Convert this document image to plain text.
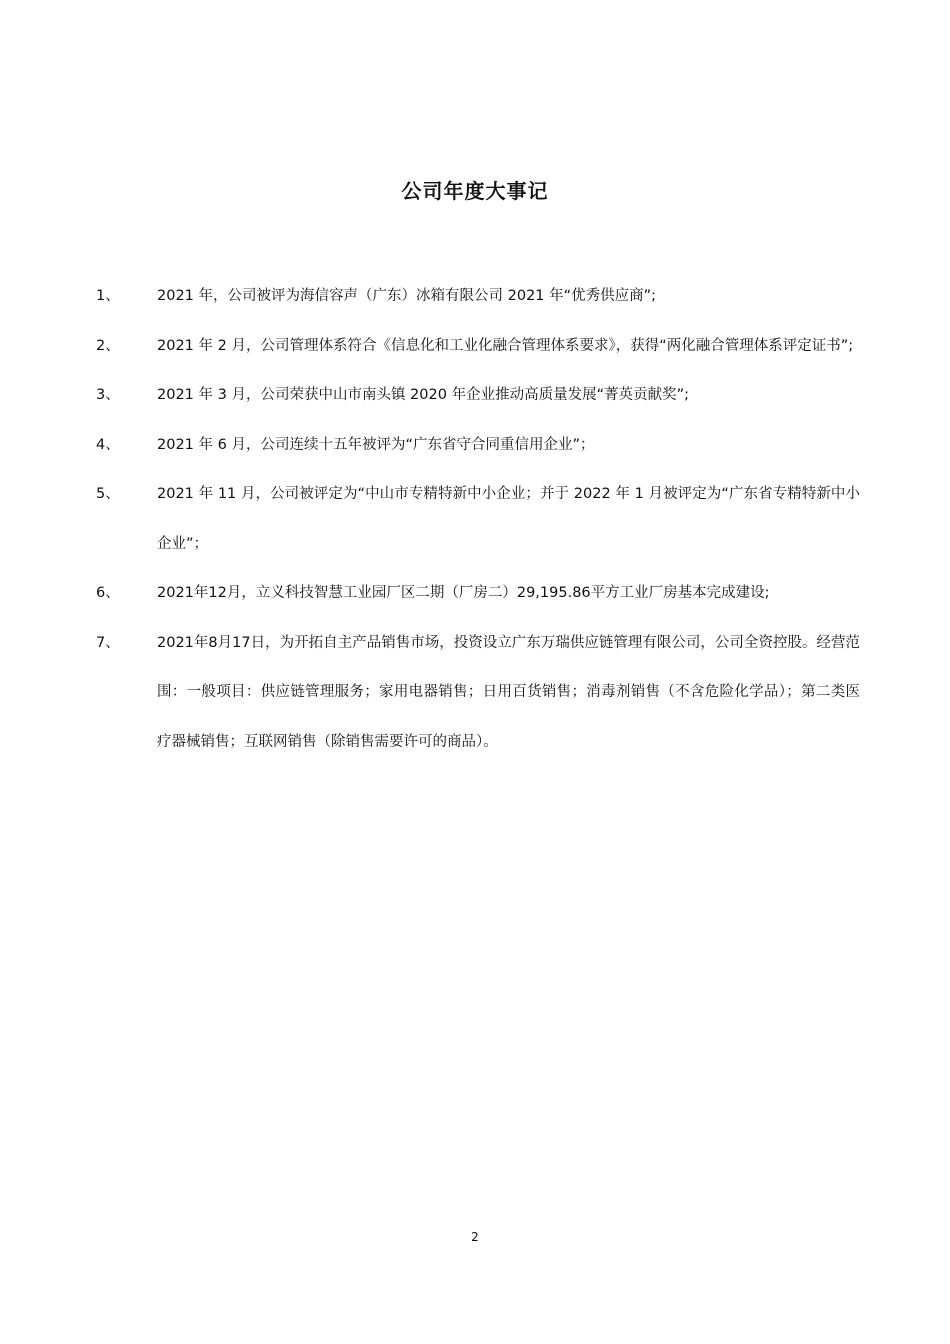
公司年度大事记
1、	2021 年，公司被评为海信容声（广东）冰箱有限公司 2021 年“优秀供应商”;
2、	2021 年 2 月，公司管理体系符合《信息化和工业化融合管理体系要求》，获得“两化融合管理体系评定证书”;
3、	2021 年 3 月，公司荣获中山市南头镇 2020 年企业推动高质量发展“菁英贡献奖”;
4、	2021 年 6 月，公司连续十五年被评为“广东省守合同重信用企业”；
5、	2021 年 11 月，公司被评定为“中山市专精特新中小企业；并于 2022 年 1 月被评定为“广东省专精特新中小企业”；
6、	2021年12月，立义科技智慧工业园厂区二期（厂房二）29,195.86平方工业厂房基本完成建设;
7、	2021年8月17日，为开拓自主产品销售市场，投资设立广东万瑞供应链管理有限公司，公司全资控股。经营范围：一般项目：供应链管理服务；家用电器销售；日用百货销售；消毒剂销售（不含危险化学品）；第二类医疗器械销售；互联网销售（除销售需要许可的商品）。
2
